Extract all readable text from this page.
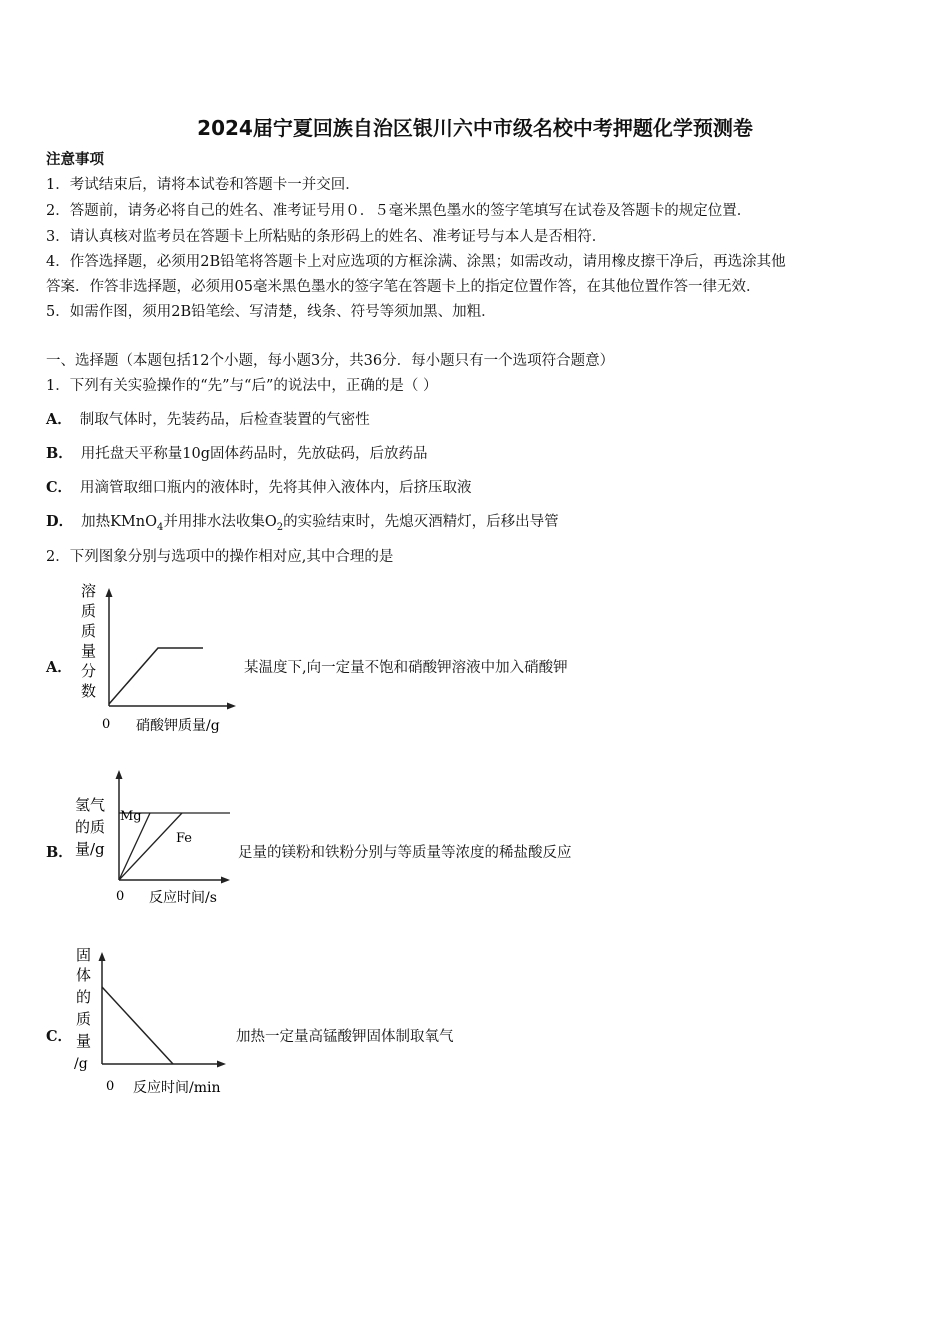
2024届宁夏回族自治区银川六中市级名校中考押题化学预测卷
注意事项
1．考试结束后，请将本试卷和答题卡一并交回．
2．答题前，请务必将自己的姓名、准考证号用０．５毫米黑色墨水的签字笔填写在试卷及答题卡的规定位置．
3．请认真核对监考员在答题卡上所粘贴的条形码上的姓名、准考证号与本人是否相符．
4．作答选择题，必须用2B铅笔将答题卡上对应选项的方框涂满、涂黑；如需改动，请用橡皮擦干净后，再选涂其他
答案．作答非选择题，必须用05毫米黑色墨水的签字笔在答题卡上的指定位置作答，在其他位置作答一律无效．
5．如需作图，须用2B铅笔绘、写清楚，线条、符号等须加黑、加粗．
一、选择题（本题包括12个小题，每小题3分，共36分．每小题只有一个选项符合题意）
1．下列有关实验操作的“先”与“后”的说法中，正确的是（ ）
A． 制取气体时，先装药品，后检查装置的气密性
B． 用托盘天平称量10g固体药品时，先放砝码，后放药品
C． 用滴管取细口瓶内的液体时，先将其伸入液体内，后挤压取液
D． 加热KMnO$_4$并用排水法收集$O_2$的实验结束时，先熄灭酒精灯，后移出导管
2．下列图象分别与选项中的操作相对应,其中合理的是
A．
溶
质
质
量
分
数
0 硝酸钾质量/g
某温度下,向一定量不饱和硝酸钾溶液中加入硝酸钾
B．
氢气
的质
量/g
Mg
Fe
0 反应时间/s
足量的镁粉和铁粉分别与等质量等浓度的稀盐酸反应
C．
固
体
的
质
量
/g
0 反应时间/min
加热一定量高锰酸钾固体制取氧气
